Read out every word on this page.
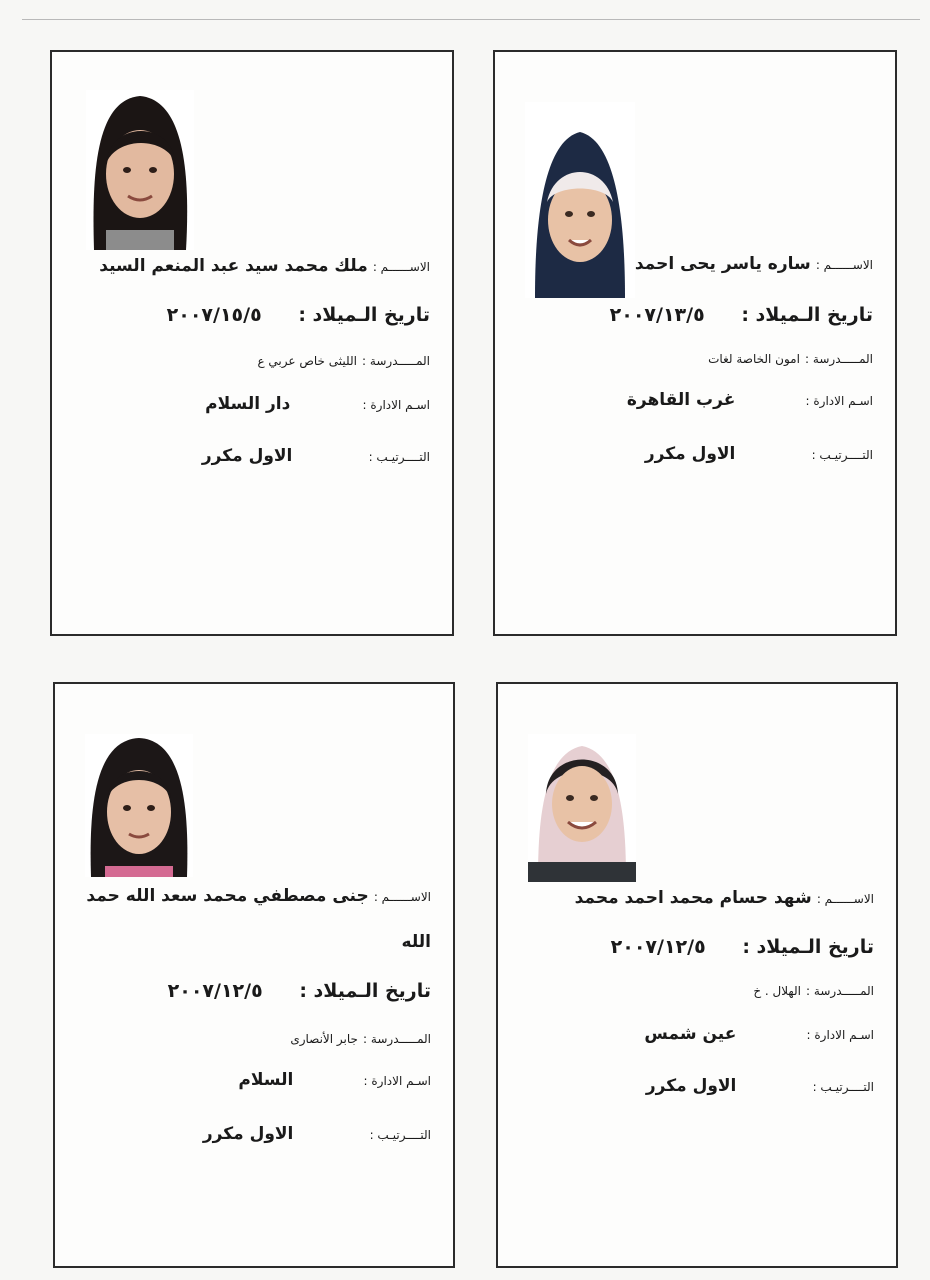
الاســــــم : ساره ياسر يحى احمد
تاريخ الـميلاد : ٢٠٠٧/١٣/٥
المـــــدرسة : امون الخاصة لغات
اسـم الادارة :  غرب القاهرة
التــــرتيـب :  الاول مكرر
الاســــــم : ملك محمد سيد عبد المنعم السيد
تاريخ الـميلاد : ٢٠٠٧/١٥/٥
المـــــدرسة : الليثى خاص عربي ع
اسـم الادارة :  دار السلام
التــــرتيـب :  الاول مكرر
الاســــــم : شهد حسام محمد احمد محمد
تاريخ الـميلاد : ٢٠٠٧/١٢/٥
المـــــدرسة : الهلال . خ
اسـم الادارة :  عين شمس
التــــرتيـب :  الاول مكرر
الاســــــم : جنى مصطفي محمد سعد الله حمد
الله
تاريخ الـميلاد : ٢٠٠٧/١٢/٥
المـــــدرسة : جابر الأنصارى
اسـم الادارة :  السلام
التــــرتيـب :  الاول مكرر
